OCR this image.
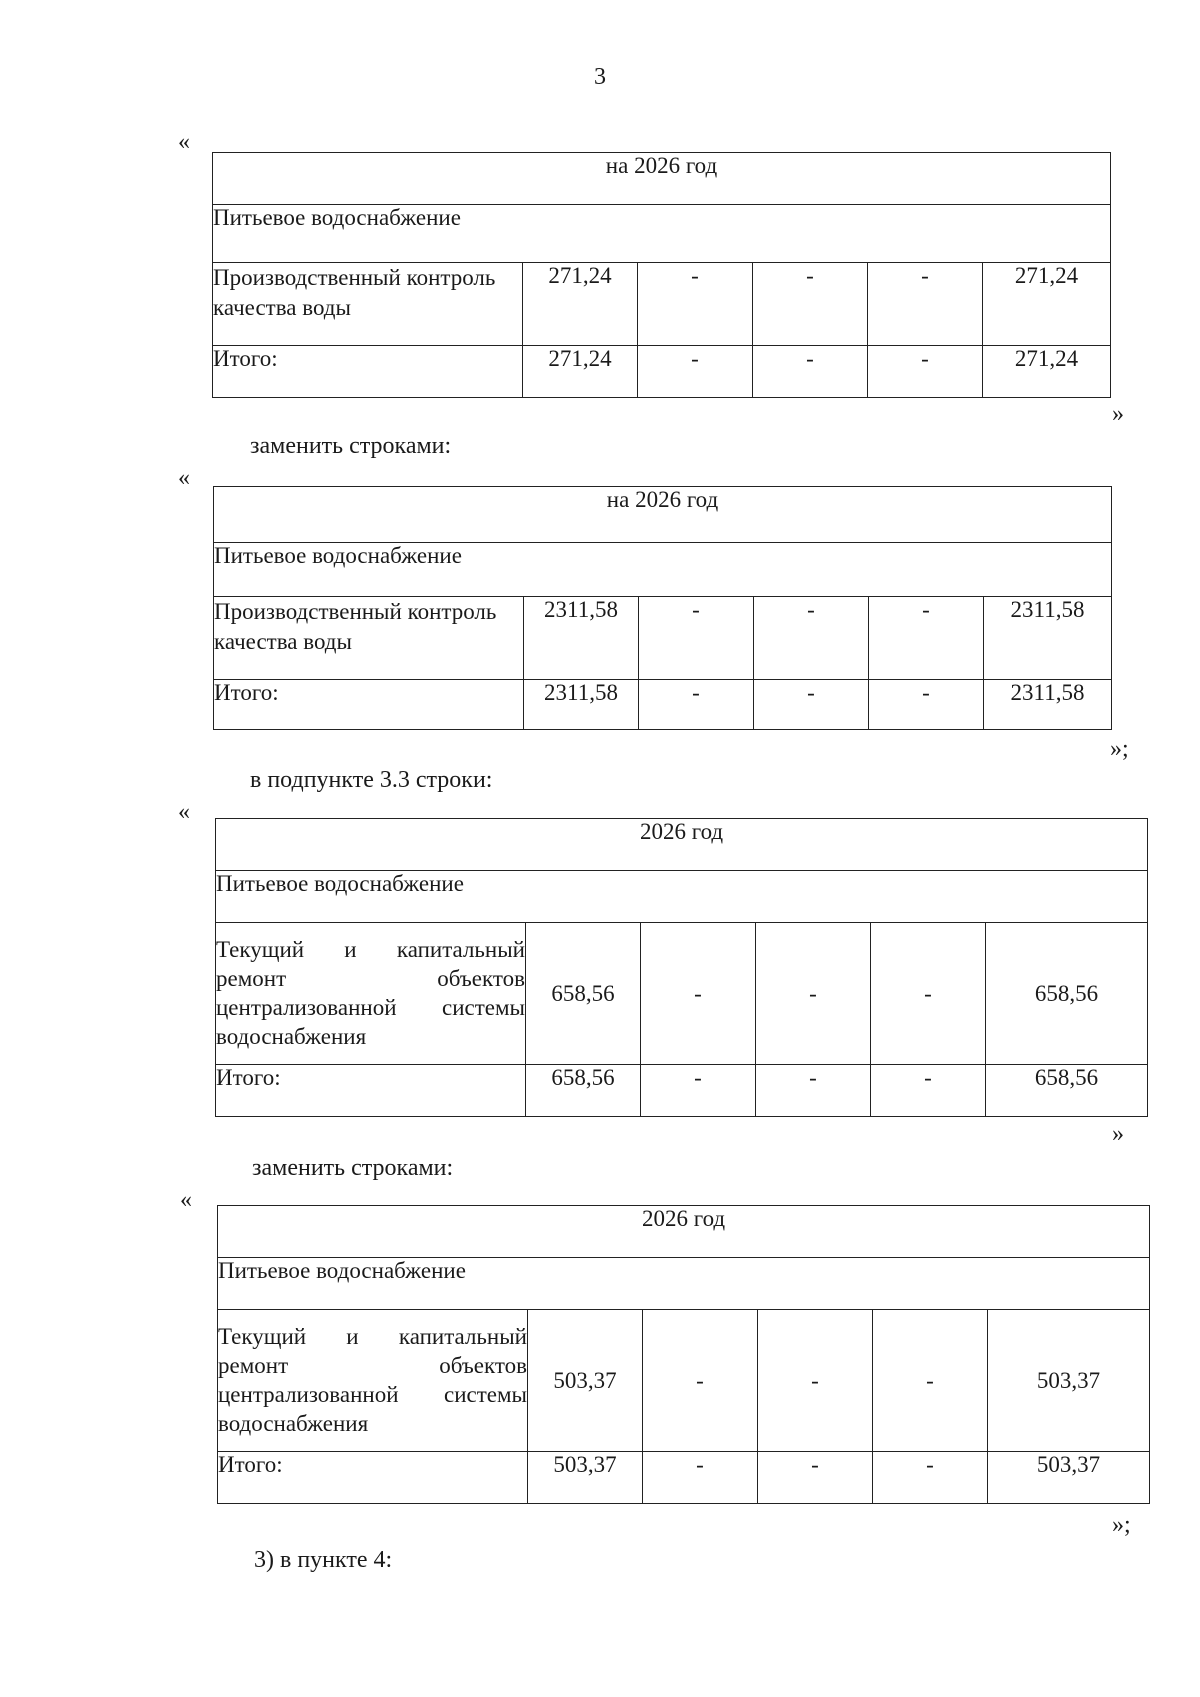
3
«
на 2026 год					
Питьевое водоснабжение					
Производственный контроль качества воды	271,24	-	-	-	271,24
Итого:	271,24	-	-	-	271,24
»
заменить строками:
«
на 2026 год					
Питьевое водоснабжение					
Производственный контроль качества воды	2311,58	-	-	-	2311,58
Итого:	2311,58	-	-	-	2311,58
»;
в подпункте 3.3 строки:
«
2026 год					
Питьевое водоснабжение					
Текущий и капитальный ремонт объектов централизованной системы водоснабжения	658,56	-	-	-	658,56
Итого:	658,56	-	-	-	658,56
»
заменить строками:
«
2026 год					
Питьевое водоснабжение					
Текущий и капитальный ремонт объектов централизованной системы водоснабжения	503,37	-	-	-	503,37
Итого:	503,37	-	-	-	503,37
»;
3) в пункте 4:
